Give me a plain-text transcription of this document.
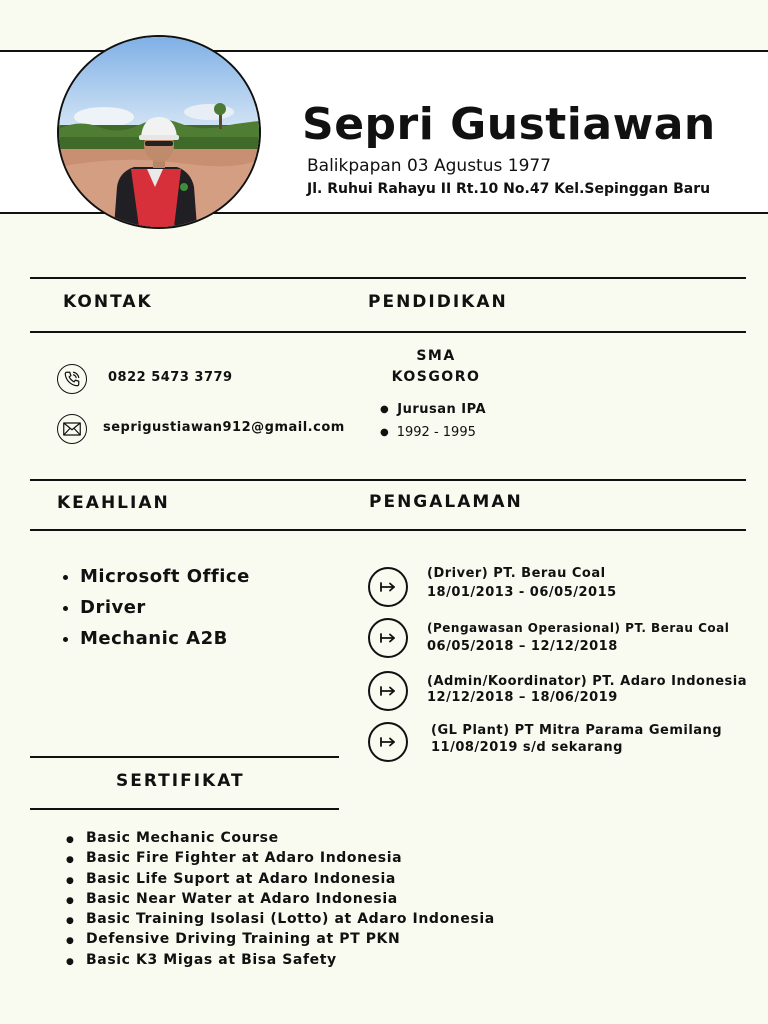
Sepri Gustiawan
Balikpapan 03 Agustus 1977
Jl. Ruhui Rahayu II Rt.10 No.47 Kel.Sepinggan Baru
KONTAK	PENDIDIKAN
0822 5473 3779
seprigustiawan912@gmail.com
SMA
KOSGORO
● Jurusan IPA
● 1992 - 1995
KEAHLIAN	PENGALAMAN
• Microsoft Office
• Driver
• Mechanic A2B
(Driver) PT. Berau Coal
18/01/2013 - 06/05/2015
(Pengawasan Operasional) PT. Berau Coal
06/05/2018 – 12/12/2018
(Admin/Koordinator) PT. Adaro Indonesia
12/12/2018 – 18/06/2019
(GL Plant) PT Mitra Parama Gemilang
11/08/2019 s/d sekarang
SERTIFIKAT
● Basic Mechanic Course
● Basic Fire Fighter at Adaro Indonesia
● Basic Life Suport at Adaro Indonesia
● Basic Near Water at Adaro Indonesia
● Basic Training Isolasi (Lotto) at Adaro Indonesia
● Defensive Driving Training at PT PKN
● Basic K3 Migas at Bisa Safety
